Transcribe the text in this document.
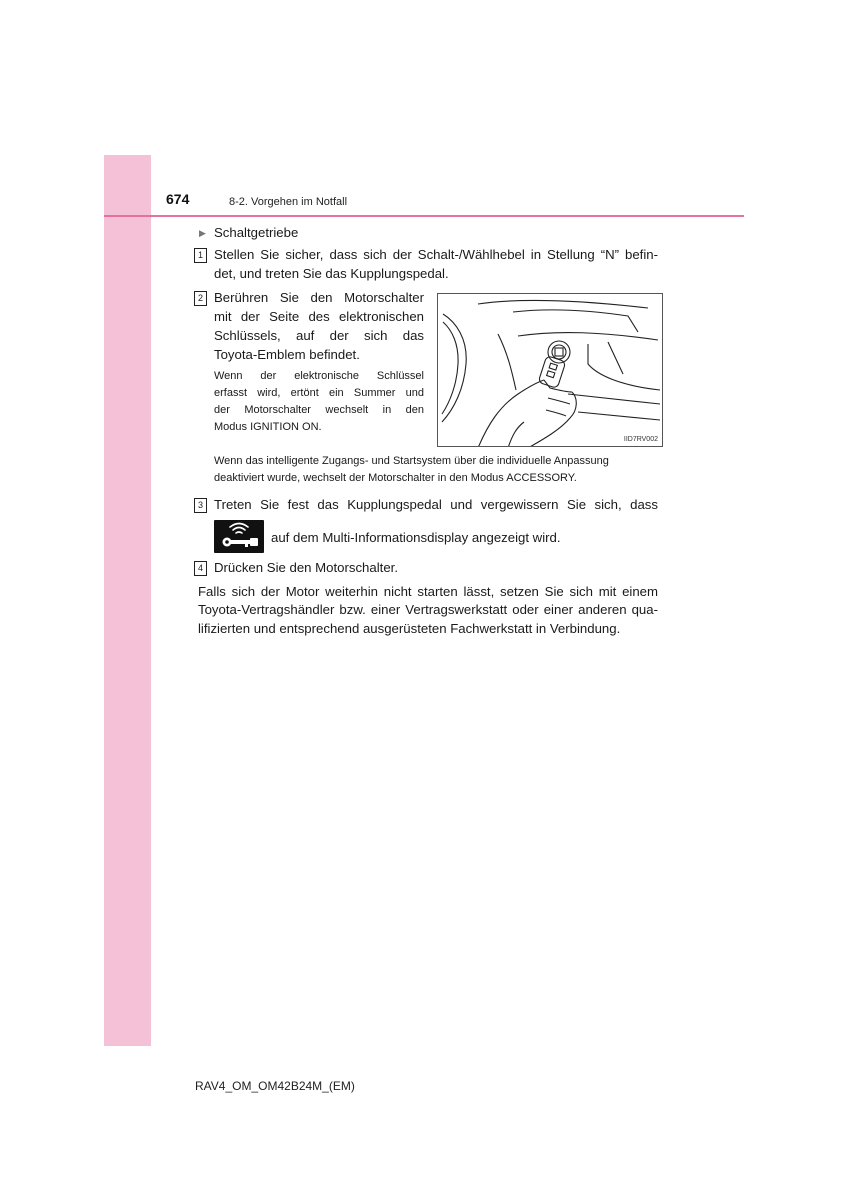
674	8-2. Vorgehen im Notfall
▶ Schaltgetriebe
1 Stellen Sie sicher, dass sich der Schalt-/Wählhebel in Stellung “N” befin-
det, und treten Sie das Kupplungspedal.
2 Berühren Sie den Motorschalter
mit der Seite des elektronischen
Schlüssels, auf der sich das
Toyota-Emblem befindet.
Wenn der elektronische Schlüssel
erfasst wird, ertönt ein Summer und
der Motorschalter wechselt in den
Modus IGNITION ON.
IID7RV002
Wenn das intelligente Zugangs- und Startsystem über die individuelle Anpassung
deaktiviert wurde, wechselt der Motorschalter in den Modus ACCESSORY.
3 Treten Sie fest das Kupplungspedal und vergewissern Sie sich, dass
auf dem Multi-Informationsdisplay angezeigt wird.
4 Drücken Sie den Motorschalter.
Falls sich der Motor weiterhin nicht starten lässt, setzen Sie sich mit einem
Toyota-Vertragshändler bzw. einer Vertragswerkstatt oder einer anderen qua-
lifizierten und entsprechend ausgerüsteten Fachwerkstatt in Verbindung.
RAV4_OM_OM42B24M_(EM)
